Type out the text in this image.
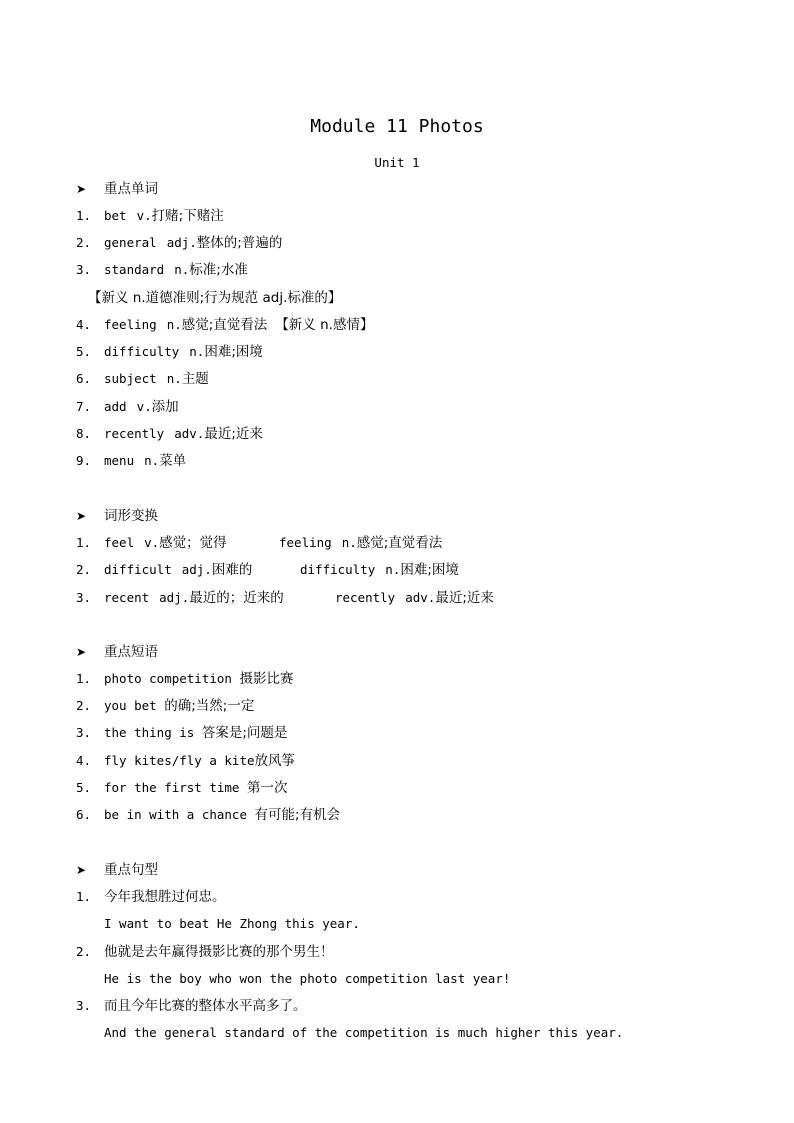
Module 11 Photos
Unit 1
➤ 重点单词
1. bet v.打赌;下赌注
2. general adj.整体的;普遍的
3. standard n.标准;水准
【新义 n.道德准则;行为规范 adj.标准的】
4. feeling n.感觉;直觉看法 【新义 n.感情】
5. difficulty n.困难;困境
6. subject n.主题
7. add v.添加
8. recently adv.最近;近来
9. menu n.菜单
➤ 词形变换
1. feel v.感觉；觉得	feeling n.感觉;直觉看法
2. difficult adj.困难的	difficulty n.困难;困境
3. recent adj.最近的；近来的	recently adv.最近;近来
➤ 重点短语
1. photo competition 摄影比赛
2. you bet 的确;当然;一定
3. the thing is 答案是;问题是
4. fly kites/fly a kite放风筝
5. for the first time 第一次
6. be in with a chance 有可能;有机会
➤ 重点句型
1. 今年我想胜过何忠。
I want to beat He Zhong this year.
2. 他就是去年赢得摄影比赛的那个男生！
He is the boy who won the photo competition last year!
3. 而且今年比赛的整体水平高多了。
And the general standard of the competition is much higher this year.
